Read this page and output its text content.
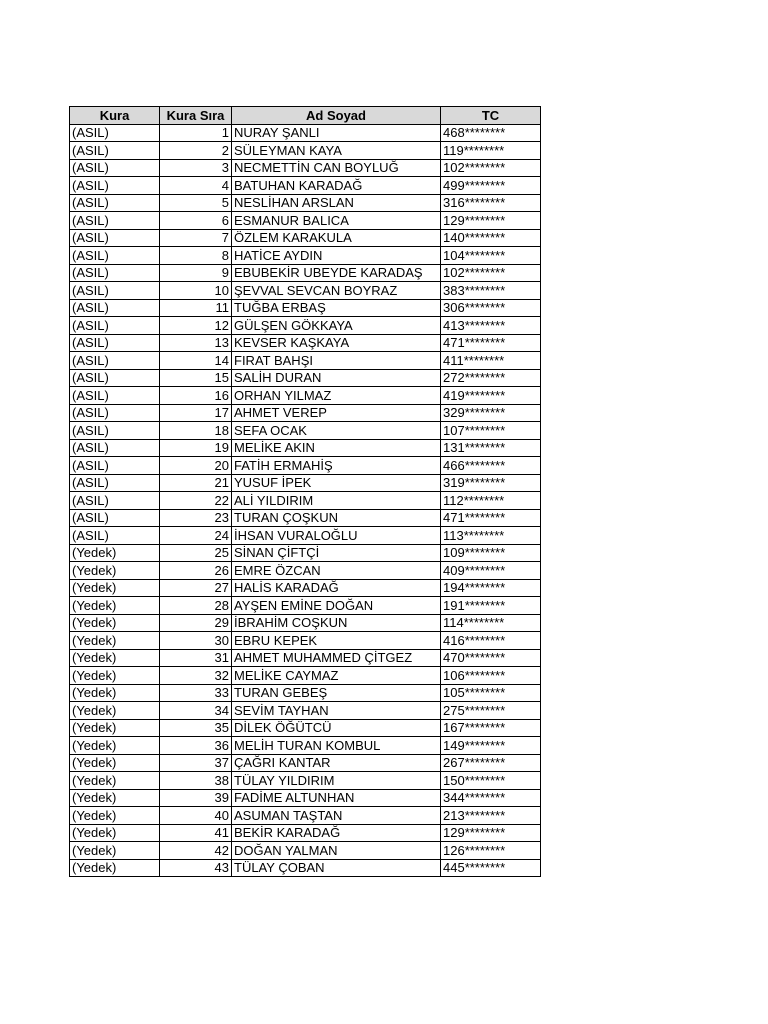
Kura	Kura Sıra	Ad Soyad	TC
(ASIL)	1	NURAY ŞANLI	468********
(ASIL)	2	SÜLEYMAN KAYA	119********
(ASIL)	3	NECMETTİN CAN BOYLUĞ	102********
(ASIL)	4	BATUHAN KARADAĞ	499********
(ASIL)	5	NESLİHAN ARSLAN	316********
(ASIL)	6	ESMANUR BALICA	129********
(ASIL)	7	ÖZLEM KARAKULA	140********
(ASIL)	8	HATİCE AYDIN	104********
(ASIL)	9	EBUBEKİR UBEYDE KARADAŞ	102********
(ASIL)	10	ŞEVVAL SEVCAN BOYRAZ	383********
(ASIL)	11	TUĞBA ERBAŞ	306********
(ASIL)	12	GÜLŞEN GÖKKAYA	413********
(ASIL)	13	KEVSER KAŞKAYA	471********
(ASIL)	14	FIRAT BAHŞI	411********
(ASIL)	15	SALİH DURAN	272********
(ASIL)	16	ORHAN YILMAZ	419********
(ASIL)	17	AHMET VEREP	329********
(ASIL)	18	SEFA OCAK	107********
(ASIL)	19	MELİKE AKIN	131********
(ASIL)	20	FATİH ERMAHİŞ	466********
(ASIL)	21	YUSUF İPEK	319********
(ASIL)	22	ALİ YILDIRIM	112********
(ASIL)	23	TURAN ÇOŞKUN	471********
(ASIL)	24	İHSAN VURALOĞLU	113********
(Yedek)	25	SİNAN ÇİFTÇİ	109********
(Yedek)	26	EMRE ÖZCAN	409********
(Yedek)	27	HALİS KARADAĞ	194********
(Yedek)	28	AYŞEN EMİNE DOĞAN	191********
(Yedek)	29	İBRAHİM COŞKUN	114********
(Yedek)	30	EBRU KEPEK	416********
(Yedek)	31	AHMET MUHAMMED ÇİTGEZ	470********
(Yedek)	32	MELİKE CAYMAZ	106********
(Yedek)	33	TURAN GEBEŞ	105********
(Yedek)	34	SEVİM TAYHAN	275********
(Yedek)	35	DİLEK ÖĞÜTCÜ	167********
(Yedek)	36	MELİH TURAN KOMBUL	149********
(Yedek)	37	ÇAĞRI KANTAR	267********
(Yedek)	38	TÜLAY YILDIRIM	150********
(Yedek)	39	FADİME ALTUNHAN	344********
(Yedek)	40	ASUMAN TAŞTAN	213********
(Yedek)	41	BEKİR KARADAĞ	129********
(Yedek)	42	DOĞAN YALMAN	126********
(Yedek)	43	TÜLAY ÇOBAN	445********
